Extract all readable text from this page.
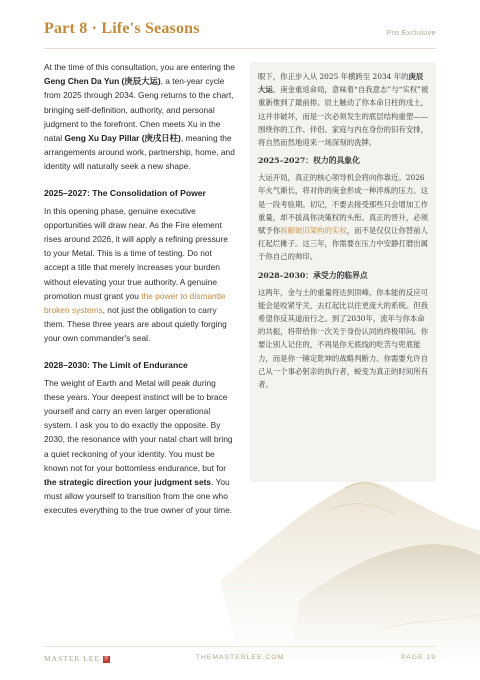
Part 8 · Life's Seasons	Pro Exclusive

At the time of this consultation, you are entering the Geng Chen Da Yun (庚辰大运), a ten-year cycle from 2025 through 2034. Geng returns to the chart, bringing self-definition, authority, and personal judgment to the forefront. Chen meets Xu in the natal Geng Xu Day Pillar (庚戌日柱), meaning the arrangements around work, partnership, home, and identity will naturally seek a new shape.

2025–2027: The Consolidation of Power

In this opening phase, genuine executive opportunities will draw near. As the Fire element rises around 2026, it will apply a refining pressure to your Metal. This is a time of testing. Do not accept a title that merely increases your burden without elevating your true authority. A genuine promotion must grant you the power to dismantle broken systems, not just the obligation to carry them. These three years are about quietly forging your own commander's seal.

2028–2030: The Limit of Endurance

The weight of Earth and Metal will peak during these years. Your deepest instinct will be to brace yourself and carry an even larger operational system. I ask you to do exactly the opposite. By 2030, the resonance with your natal chart will bring a quiet reckoning of your identity. You must be known not for your bottomless endurance, but for the strategic direction your judgment sets. You must allow yourself to transition from the one who executes everything to the true owner of your time.

眼下，你正步入从 2025 年横跨至 2034 年的庚辰大运。庚金重返命局，意味着“自我意志”与“实权”被重新推到了最前排。辰土触动了你本命日柱的戌土，这并非破坏，而是一次必须发生的底层结构重塑——围绕你的工作、伴侣、家庭与内在身份的旧有安排，将自然而然地迎来一场深刻的洗牌。

2025–2027：权力的具象化

大运开局，真正的核心领导机会将向你靠近。2026年火气渐长，将对你的庚金形成一种淬炼的压力。这是一段考验期。切记，不要去接受那些只会增加工作重量，却不拔高你决策权的头衔。真正的晋升，必须赋予你拆解破旧架构的实权，而不是仅仅让你替前人扛起烂摊子。这三年，你需要在压力中安静打磨出属于你自己的帅印。

2028–2030：承受力的临界点

这两年，金与土的重量将达到顶峰。你本能的反应可能会是咬紧牙关，去扛起比以往更庞大的系统。但我希望你反其道而行之。到了2030年，流年与你本命的共振，将带给你一次关于身份认同的终极叩问。你要让别人记住的，不再是你无底线的吃苦与兜底能力，而是你一锤定乾坤的战略判断力。你需要允许自己从一个事必躬亲的执行者，蜕变为真正的时间所有者。

MASTER LEE 李	THEMASTERLEE.COM	PAGE 19
